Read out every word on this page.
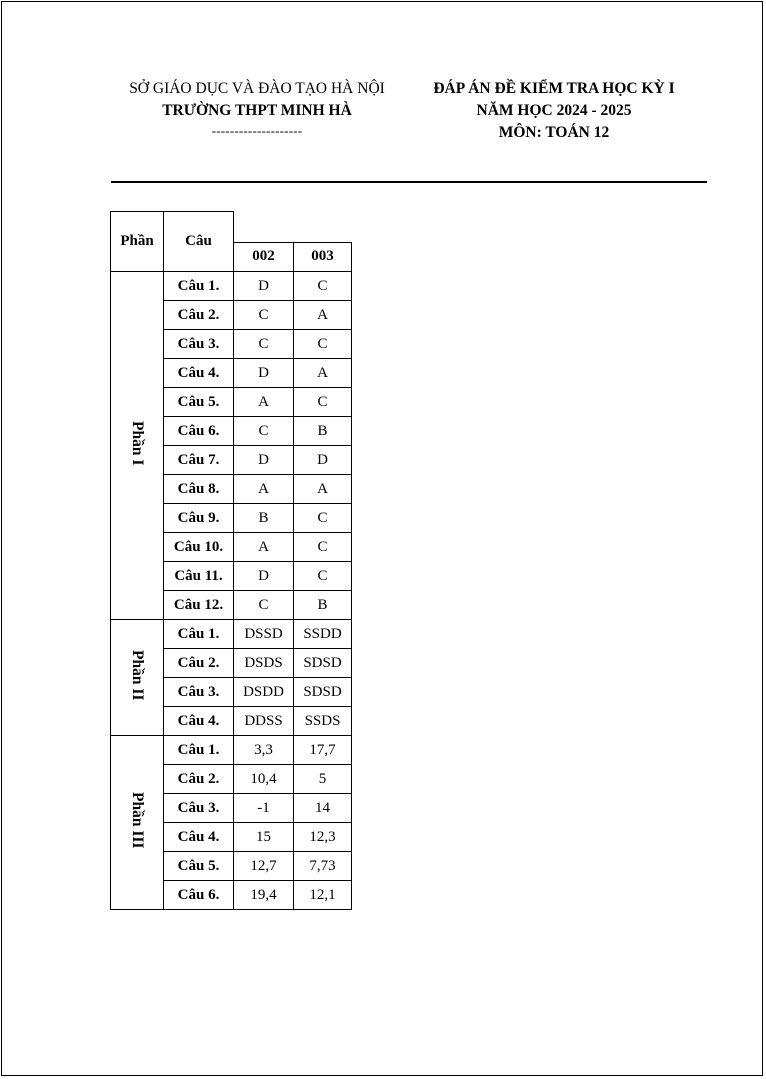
SỞ GIÁO DỤC VÀ ĐÀO TẠO HÀ NỘI
TRƯỜNG THPT MINH HÀ
--------------------
ĐÁP ÁN ĐỀ KIỂM TRA HỌC KỲ I
NĂM HỌC 2024 - 2025
MÔN: TOÁN 12
Phần	Câu		
		002	003
Phần I	Câu 1.	D	C
	Câu 2.	C	A
	Câu 3.	C	C
	Câu 4.	D	A
	Câu 5.	A	C
	Câu 6.	C	B
	Câu 7.	D	D
	Câu 8.	A	A
	Câu 9.	B	C
	Câu 10.	A	C
	Câu 11.	D	C
	Câu 12.	C	B
Phần II	Câu 1.	DSSD	SSDD
	Câu 2.	DSDS	SDSD
	Câu 3.	DSDD	SDSD
	Câu 4.	DDSS	SSDS
Phần III	Câu 1.	3,3	17,7
	Câu 2.	10,4	5
	Câu 3.	-1	14
	Câu 4.	15	12,3
	Câu 5.	12,7	7,73
	Câu 6.	19,4	12,1
